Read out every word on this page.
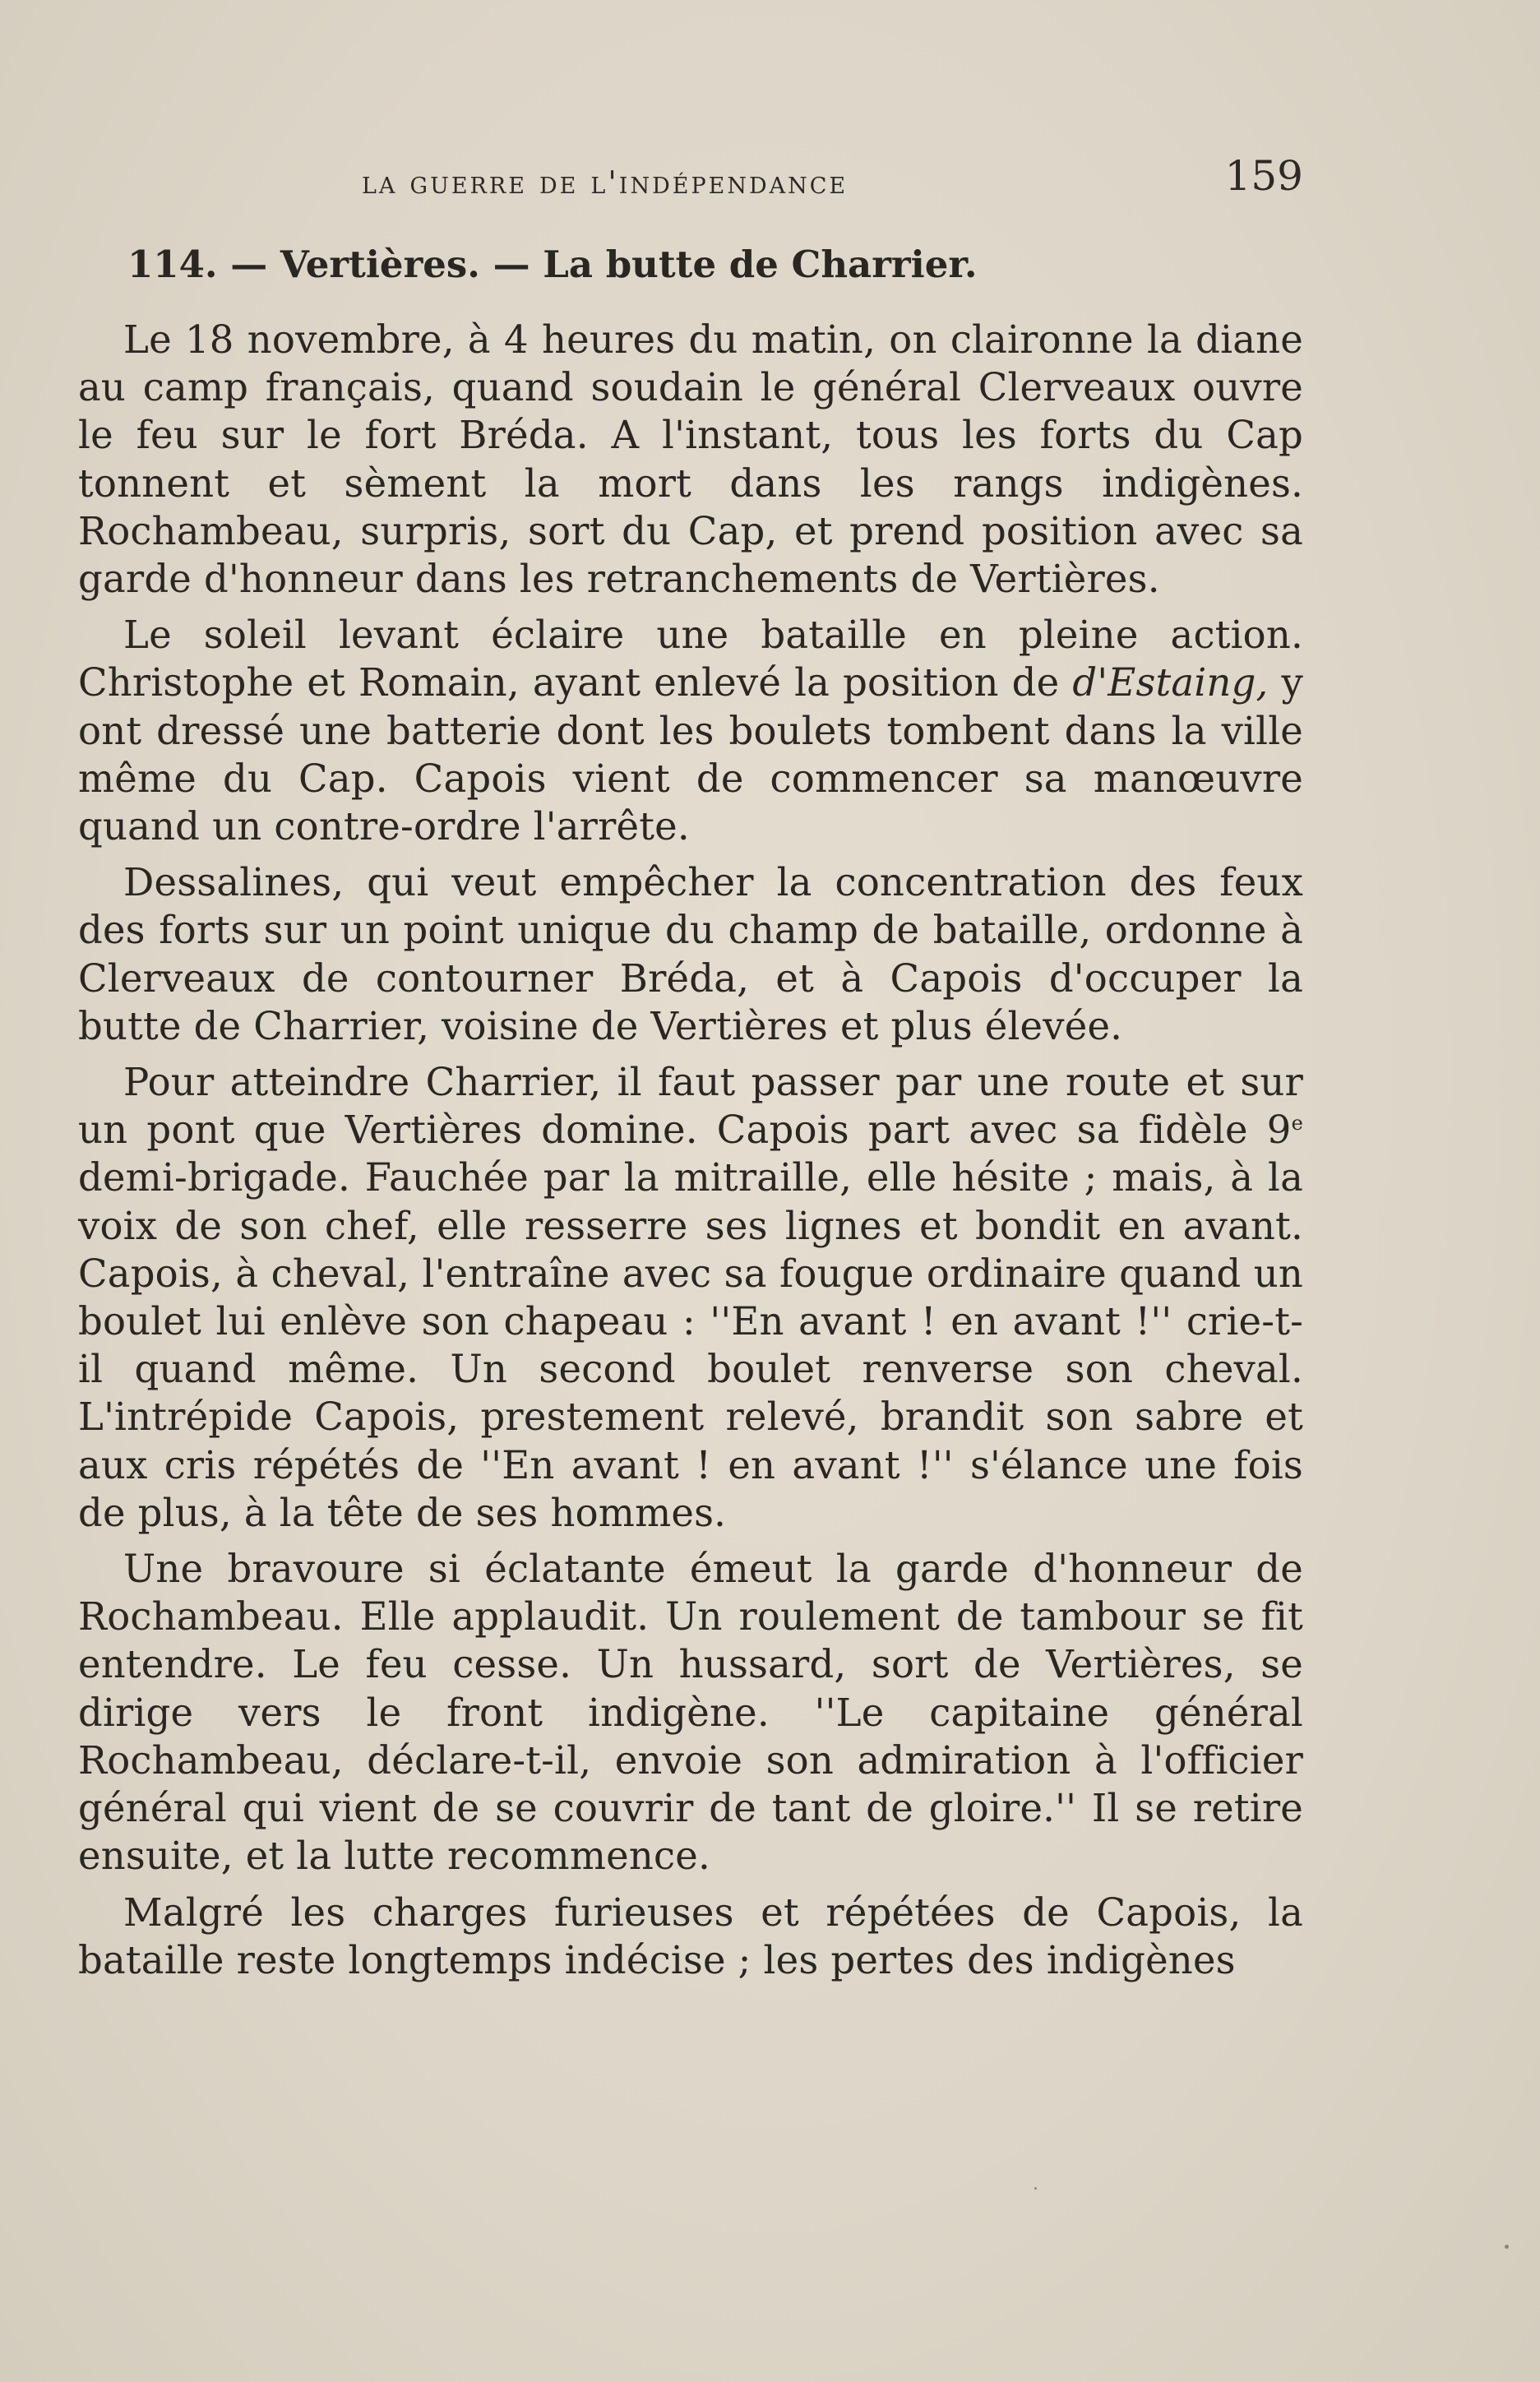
la guerre de l'indépendance	159
114. — Vertières. — La butte de Charrier.

Le 18 novembre, à 4 heures du matin, on claironne la diane au camp français, quand soudain le général Clerveaux ouvre le feu sur le fort Bréda. A l'instant, tous les forts du Cap tonnent et sèment la mort dans les rangs indigènes. Rochambeau, surpris, sort du Cap, et prend position avec sa garde d'honneur dans les retranchements de Vertières.

Le soleil levant éclaire une bataille en pleine action. Christophe et Romain, ayant enlevé la position de d'Estaing, y ont dressé une batterie dont les boulets tombent dans la ville même du Cap. Capois vient de commencer sa manœuvre quand un contre-ordre l'arrête.

Dessalines, qui veut empêcher la concentration des feux des forts sur un point unique du champ de bataille, ordonne à Clerveaux de contourner Bréda, et à Capois d'occuper la butte de Charrier, voisine de Vertières et plus élevée.

Pour atteindre Charrier, il faut passer par une route et sur un pont que Vertières domine. Capois part avec sa fidèle 9e demi-brigade. Fauchée par la mitraille, elle hésite ; mais, à la voix de son chef, elle resserre ses lignes et bondit en avant. Capois, à cheval, l'entraîne avec sa fougue ordinaire quand un boulet lui enlève son chapeau : ''En avant ! en avant !'' crie-t-il quand même. Un second boulet renverse son cheval. L'intrépide Capois, prestement relevé, brandit son sabre et aux cris répétés de ''En avant ! en avant !'' s'élance une fois de plus, à la tête de ses hommes.

Une bravoure si éclatante émeut la garde d'honneur de Rochambeau. Elle applaudit. Un roulement de tambour se fit entendre. Le feu cesse. Un hussard, sort de Vertières, se dirige vers le front indigène. ''Le capitaine général Rochambeau, déclare-t-il, envoie son admiration à l'officier général qui vient de se couvrir de tant de gloire.'' Il se retire ensuite, et la lutte recommence.

Malgré les charges furieuses et répétées de Capois, la bataille reste longtemps indécise ; les pertes des indigènes
